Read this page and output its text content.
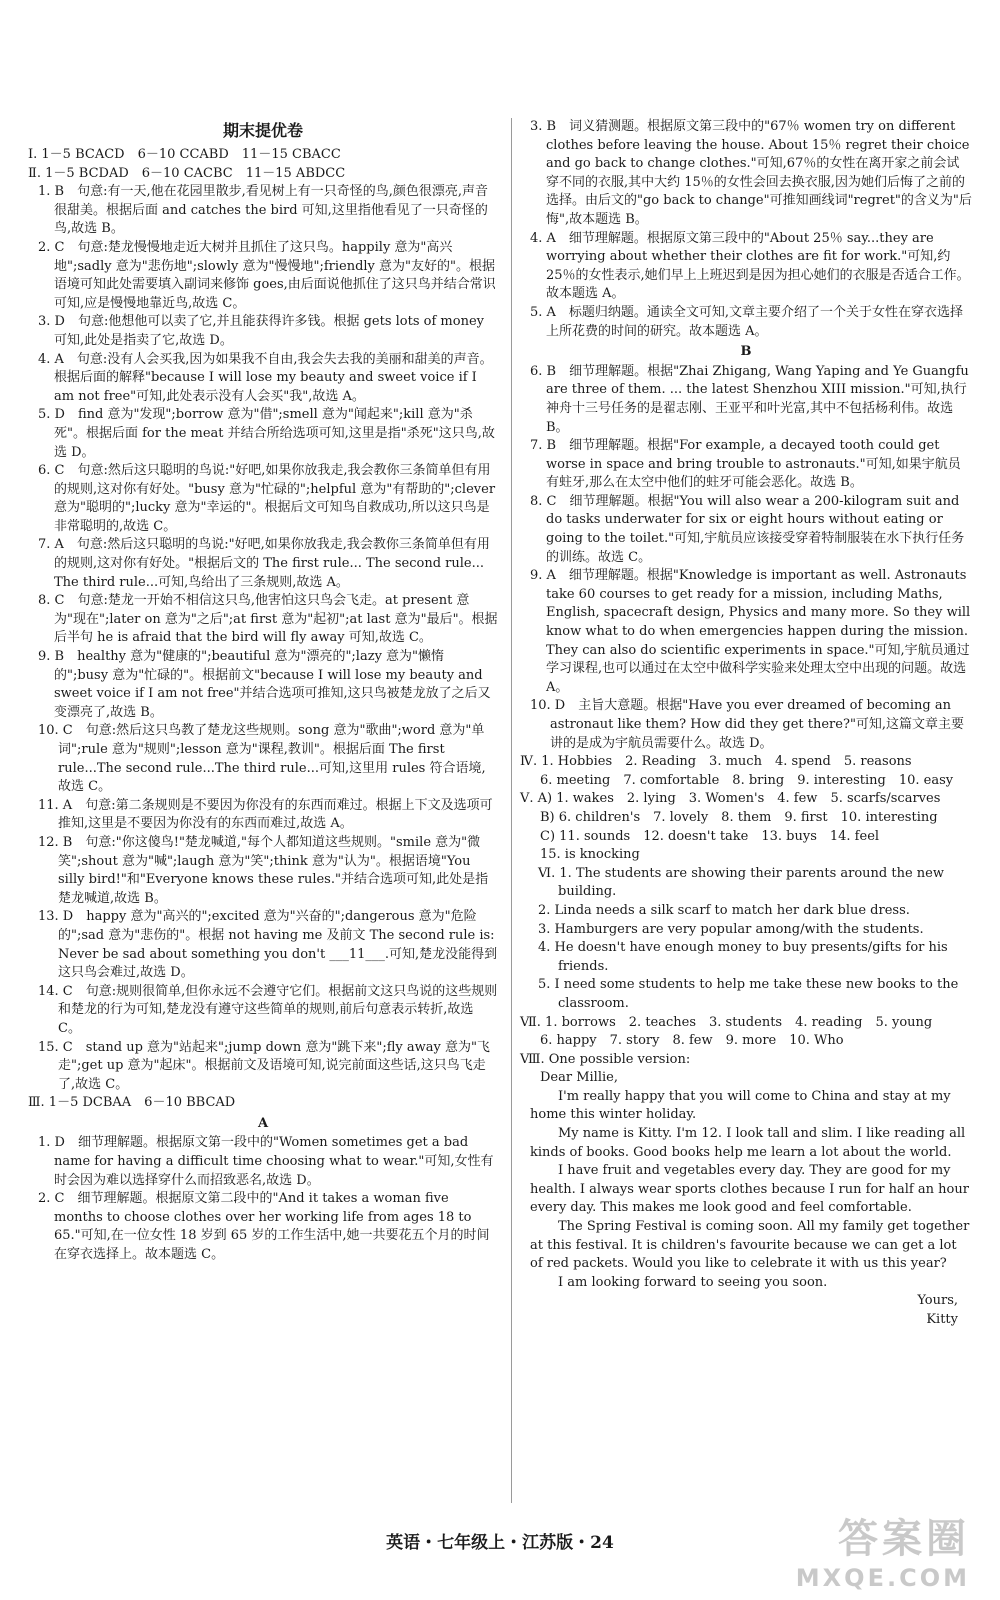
期末提优卷

Ⅰ. 1－5 BCACD　6－10 CCABD　11－15 CBACC

Ⅱ. 1－5 BCDAD　6－10 CACBC　11－15 ABDCC

1. B　句意:有一天,他在花园里散步,看见树上有一只奇怪的鸟,颜色很漂亮,声音很甜美。根据后面 and catches the bird 可知,这里指他看见了一只奇怪的鸟,故选 B。

2. C　句意:楚龙慢慢地走近大树并且抓住了这只鸟。happily 意为"高兴地";sadly 意为"悲伤地";slowly 意为"慢慢地";friendly 意为"友好的"。根据语境可知此处需要填入副词来修饰 goes,由后面说他抓住了这只鸟并结合常识可知,应是慢慢地靠近鸟,故选 C。

3. D　句意:他想他可以卖了它,并且能获得许多钱。根据 gets lots of money 可知,此处是指卖了它,故选 D。

4. A　句意:没有人会买我,因为如果我不自由,我会失去我的美丽和甜美的声音。根据后面的解释"because I will lose my beauty and sweet voice if I am not free"可知,此处表示没有人会买"我",故选 A。

5. D　find 意为"发现";borrow 意为"借";smell 意为"闻起来";kill 意为"杀死"。根据后面 for the meat 并结合所给选项可知,这里是指"杀死"这只鸟,故选 D。

6. C　句意:然后这只聪明的鸟说:"好吧,如果你放我走,我会教你三条简单但有用的规则,这对你有好处。"busy 意为"忙碌的";helpful 意为"有帮助的";clever 意为"聪明的";lucky 意为"幸运的"。根据后文可知鸟自救成功,所以这只鸟是非常聪明的,故选 C。

7. A　句意:然后这只聪明的鸟说:"好吧,如果你放我走,我会教你三条简单但有用的规则,这对你有好处。"根据后文的 The first rule... The second rule... The third rule...可知,鸟给出了三条规则,故选 A。

8. C　句意:楚龙一开始不相信这只鸟,他害怕这只鸟会飞走。at present 意为"现在";later on 意为"之后";at first 意为"起初";at last 意为"最后"。根据后半句 he is afraid that the bird will fly away 可知,故选 C。

9. B　healthy 意为"健康的";beautiful 意为"漂亮的";lazy 意为"懒惰的";busy 意为"忙碌的"。根据前文"because I will lose my beauty and sweet voice if I am not free"并结合选项可推知,这只鸟被楚龙放了之后又变漂亮了,故选 B。

10. C　句意:然后这只鸟教了楚龙这些规则。song 意为"歌曲";word 意为"单词";rule 意为"规则";lesson 意为"课程,教训"。根据后面 The first rule...The second rule...The third rule...可知,这里用 rules 符合语境,故选 C。

11. A　句意:第二条规则是不要因为你没有的东西而难过。根据上下文及选项可推知,这里是不要因为你没有的东西而难过,故选 A。

12. B　句意:"你这傻鸟!"楚龙喊道,"每个人都知道这些规则。"smile 意为"微笑";shout 意为"喊";laugh 意为"笑";think 意为"认为"。根据语境"You silly bird!"和"Everyone knows these rules."并结合选项可知,此处是指楚龙喊道,故选 B。

13. D　happy 意为"高兴的";excited 意为"兴奋的";dangerous 意为"危险的";sad 意为"悲伤的"。根据 not having me 及前文 The second rule is: Never be sad about something you don't ___11___.可知,楚龙没能得到这只鸟会难过,故选 D。

14. C　句意:规则很简单,但你永远不会遵守它们。根据前文这只鸟说的这些规则和楚龙的行为可知,楚龙没有遵守这些简单的规则,前后句意表示转折,故选 C。

15. C　stand up 意为"站起来";jump down 意为"跳下来";fly away 意为"飞走";get up 意为"起床"。根据前文及语境可知,说完前面这些话,这只鸟飞走了,故选 C。

Ⅲ. 1－5 DCBAA　6－10 BBCAD

A

1. D　细节理解题。根据原文第一段中的"Women sometimes get a bad name for having a difficult time choosing what to wear."可知,女性有时会因为难以选择穿什么而招致恶名,故选 D。

2. C　细节理解题。根据原文第二段中的"And it takes a woman five months to choose clothes over her working life from ages 18 to 65."可知,在一位女性 18 岁到 65 岁的工作生活中,她一共要花五个月的时间在穿衣选择上。故本题选 C。

3. B　词义猜测题。根据原文第三段中的"67％ women try on different clothes before leaving the house. About 15％ regret their choice and go back to change clothes."可知,67％的女性在离开家之前会试穿不同的衣服,其中大约 15％的女性会回去换衣服,因为她们后悔了之前的选择。由后文的"go back to change"可推知画线词"regret"的含义为"后悔",故本题选 B。

4. A　细节理解题。根据原文第三段中的"About 25％ say...they are worrying about whether their clothes are fit for work."可知,约 25％的女性表示,她们早上上班迟到是因为担心她们的衣服是否适合工作。故本题选 A。

5. A　标题归纳题。通读全文可知,文章主要介绍了一个关于女性在穿衣选择上所花费的时间的研究。故本题选 A。

B

6. B　细节理解题。根据"Zhai Zhigang, Wang Yaping and Ye Guangfu are three of them. ... the latest Shenzhou XIII mission."可知,执行神舟十三号任务的是翟志刚、王亚平和叶光富,其中不包括杨利伟。故选 B。

7. B　细节理解题。根据"For example, a decayed tooth could get worse in space and bring trouble to astronauts."可知,如果宇航员有蛀牙,那么在太空中他们的蛀牙可能会恶化。故选 B。

8. C　细节理解题。根据"You will also wear a 200-kilogram suit and do tasks underwater for six or eight hours without eating or going to the toilet."可知,宇航员应该接受穿着特制服装在水下执行任务的训练。故选 C。

9. A　细节理解题。根据"Knowledge is important as well. Astronauts take 60 courses to get ready for a mission, including Maths, English, spacecraft design, Physics and many more. So they will know what to do when emergencies happen during the mission. They can also do scientific experiments in space."可知,宇航员通过学习课程,也可以通过在太空中做科学实验来处理太空中出现的问题。故选 A。

10. D　主旨大意题。根据"Have you ever dreamed of becoming an astronaut like them? How did they get there?"可知,这篇文章主要讲的是成为宇航员需要什么。故选 D。

Ⅳ. 1. Hobbies　2. Reading　3. much　4. spend　5. reasons

6. meeting　7. comfortable　8. bring　9. interesting　10. easy

Ⅴ. A) 1. wakes　2. lying　3. Women's　4. few　5. scarfs/scarves

B) 6. children's　7. lovely　8. them　9. first　10. interesting

C) 11. sounds　12. doesn't take　13. buys　14. feel

15. is knocking

Ⅵ. 1. The students are showing their parents around the new building.

2. Linda needs a silk scarf to match her dark blue dress.

3. Hamburgers are very popular among/with the students.

4. He doesn't have enough money to buy presents/gifts for his friends.

5. I need some students to help me take these new books to the classroom.

Ⅶ. 1. borrows　2. teaches　3. students　4. reading　5. young

6. happy　7. story　8. few　9. more　10. Who

Ⅷ. One possible version:

Dear Millie,

I'm really happy that you will come to China and stay at my home this winter holiday.

My name is Kitty. I'm 12. I look tall and slim. I like reading all kinds of books. Good books help me learn a lot about the world.

I have fruit and vegetables every day. They are good for my health. I always wear sports clothes because I run for half an hour every day. This makes me look good and feel comfortable.

The Spring Festival is coming soon. All my family get together at this festival. It is children's favourite because we can get a lot of red packets. Would you like to celebrate it with us this year?

I am looking forward to seeing you soon.

Yours,

Kitty

英语・七年级上・江苏版・24	答案圈
MXQE.COM
